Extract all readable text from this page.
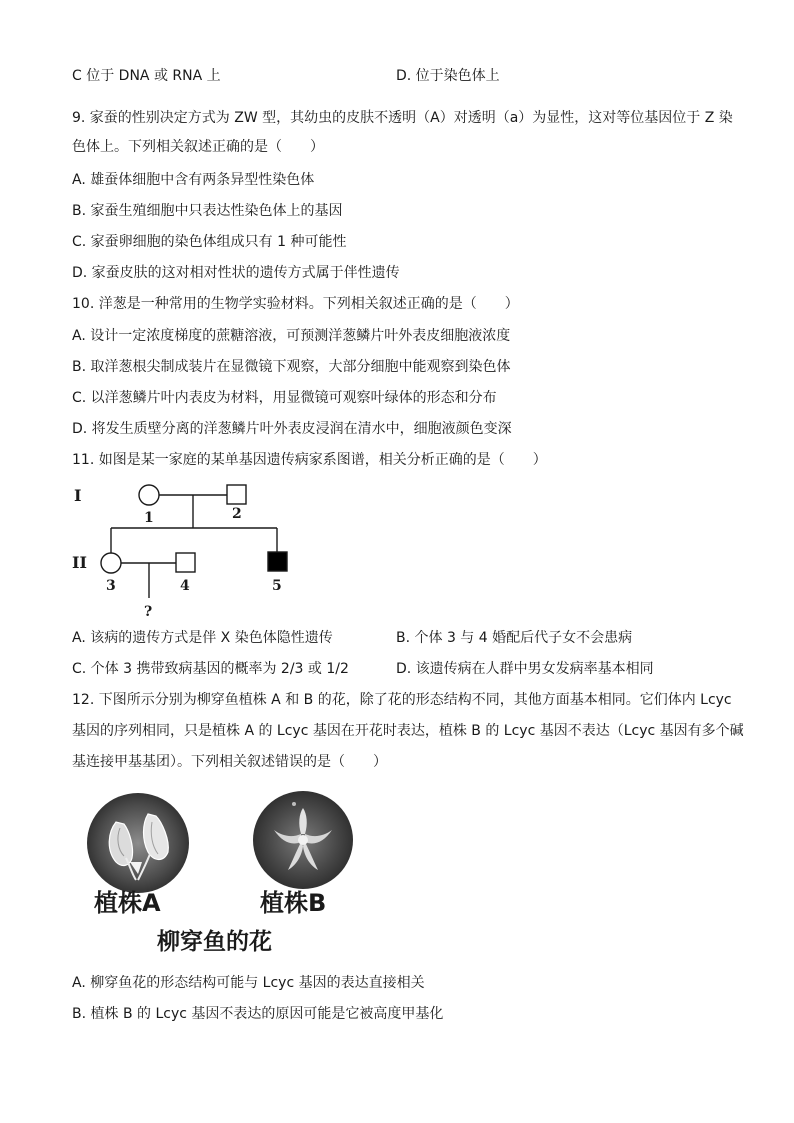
C 位于 DNA 或 RNA 上	D. 位于染色体上
9. 家蚕的性别决定方式为 ZW 型，其幼虫的皮肤不透明（A）对透明（a）为显性，这对等位基因位于 Z 染
色体上。下列相关叙述正确的是（　　）
A. 雄蚕体细胞中含有两条异型性染色体
B. 家蚕生殖细胞中只表达性染色体上的基因
C. 家蚕卵细胞的染色体组成只有 1 种可能性
D. 家蚕皮肤的这对相对性状的遗传方式属于伴性遗传
10. 洋葱是一种常用的生物学实验材料。下列相关叙述正确的是（　　）
A. 设计一定浓度梯度的蔗糖溶液，可预测洋葱鳞片叶外表皮细胞液浓度
B. 取洋葱根尖制成装片在显微镜下观察，大部分细胞中能观察到染色体
C. 以洋葱鳞片叶内表皮为材料，用显微镜可观察叶绿体的形态和分布
D. 将发生质壁分离的洋葱鳞片叶外表皮浸润在清水中，细胞液颜色变深
11. 如图是某一家庭的某单基因遗传病家系图谱，相关分析正确的是（　　）
I
II
1	2
3	4	5
?
A. 该病的遗传方式是伴 X 染色体隐性遗传	B. 个体 3 与 4 婚配后代子女不会患病
C. 个体 3 携带致病基因的概率为 2/3 或 1/2	D. 该遗传病在人群中男女发病率基本相同
12. 下图所示分别为柳穿鱼植株 A 和 B 的花，除了花的形态结构不同，其他方面基本相同。它们体内 Lcyc
基因的序列相同，只是植株 A 的 Lcyc 基因在开花时表达，植株 B 的 Lcyc 基因不表达（Lcyc 基因有多个碱
基连接甲基基团）。下列相关叙述错误的是（　　）
植株A	植株B
柳穿鱼的花
A. 柳穿鱼花的形态结构可能与 Lcyc 基因的表达直接相关
B. 植株 B 的 Lcyc 基因不表达的原因可能是它被高度甲基化
